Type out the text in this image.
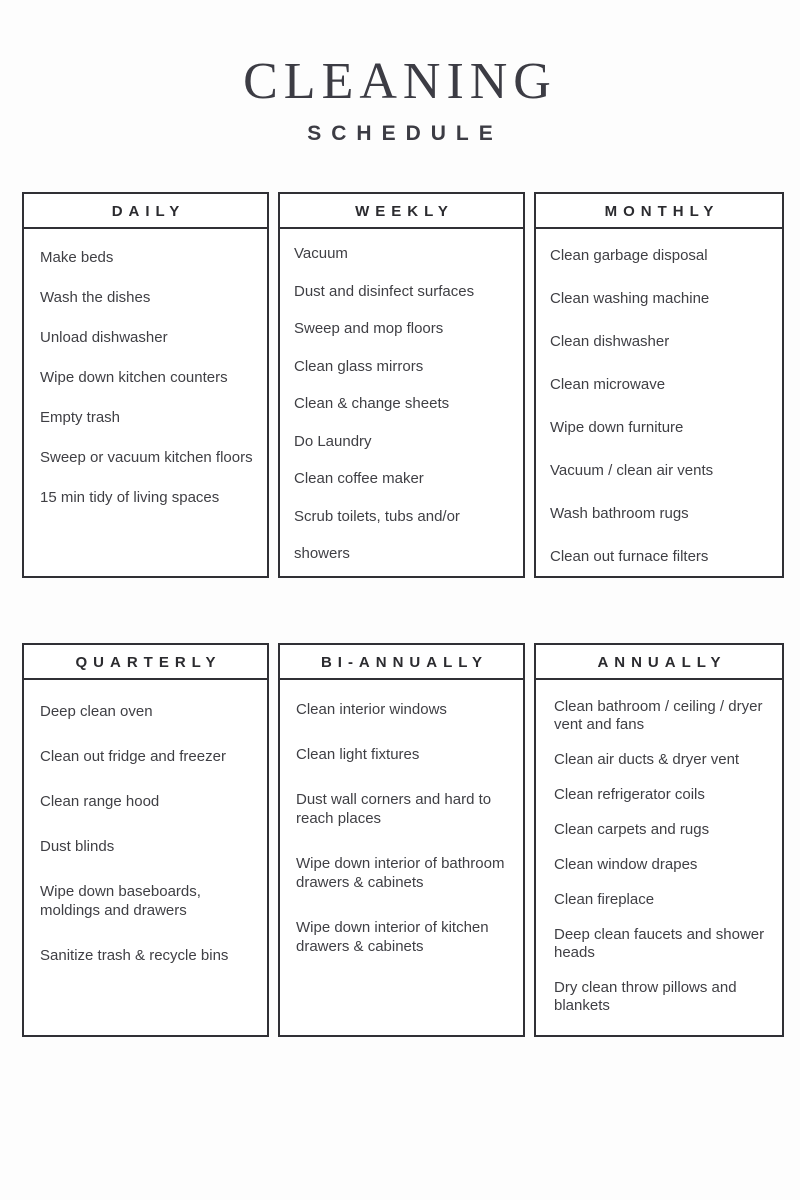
CLEANING
SCHEDULE
DAILY
Make beds
Wash the dishes
Unload dishwasher
Wipe down kitchen counters
Empty trash
Sweep or vacuum kitchen floors
15 min tidy of living spaces
WEEKLY
Vacuum
Dust and disinfect surfaces
Sweep and mop floors
Clean glass mirrors
Clean & change sheets
Do Laundry
Clean coffee maker
Scrub toilets, tubs and/or showers
MONTHLY
Clean garbage disposal
Clean washing machine
Clean dishwasher
Clean microwave
Wipe down furniture
Vacuum / clean air vents
Wash bathroom rugs
Clean out furnace filters
QUARTERLY
Deep clean oven
Clean out fridge and freezer
Clean range hood
Dust blinds
Wipe down baseboards, moldings and drawers
Sanitize trash & recycle bins
BI-ANNUALLY
Clean interior windows
Clean light fixtures
Dust wall corners and hard to reach places
Wipe down interior of bathroom drawers & cabinets
Wipe down interior of kitchen drawers & cabinets
ANNUALLY
Clean bathroom / ceiling / dryer vent and fans
Clean air ducts & dryer vent
Clean refrigerator coils
Clean carpets and rugs
Clean window drapes
Clean fireplace
Deep clean faucets and shower heads
Dry clean throw pillows and blankets
